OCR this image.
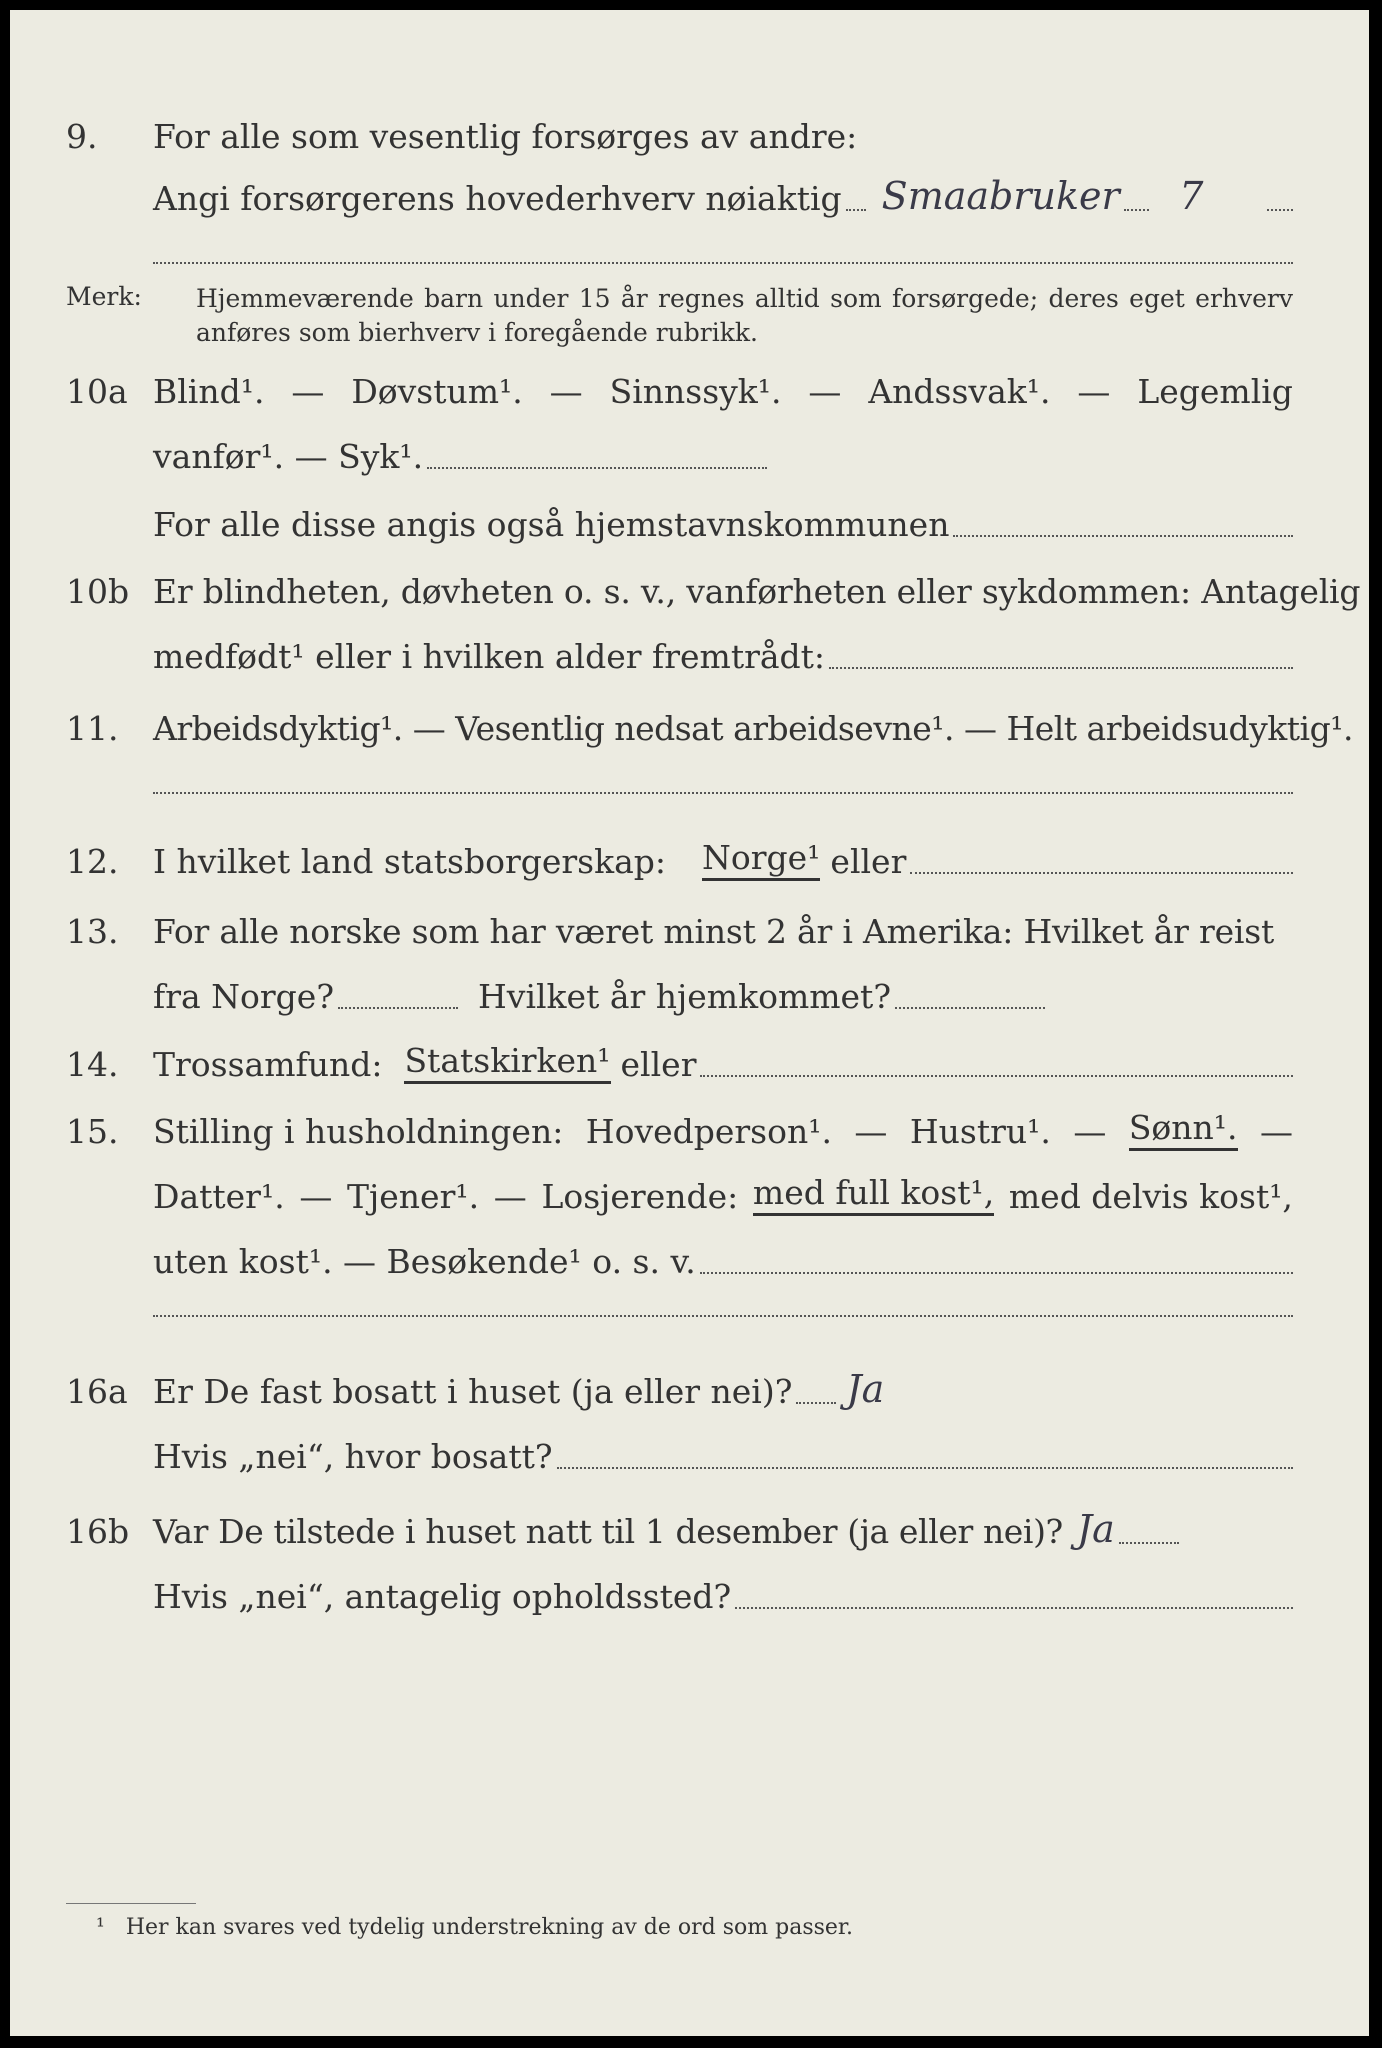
9. For alle som vesentlig forsørges av andre:
Angi forsørgerens hovederhverv nøiaktig Smaabruker 7
Merk: Hjemmeværende barn under 15 år regnes alltid som forsørgede; deres eget erhverv anføres som bierhverv i foregående rubrikk.
10a Blind¹. — Døvstum¹. — Sinnssyk¹. — Andssvak¹. — Legemlig
vanfør¹. — Syk¹.
For alle disse angis også hjemstavnskommunen
10b Er blindheten, døvheten o. s. v., vanførheten eller sykdommen: Antagelig
medfødt¹ eller i hvilken alder fremtrådt:
11. Arbeidsdyktig¹. — Vesentlig nedsat arbeidsevne¹. — Helt arbeidsudyktig¹.
12. I hvilket land statsborgerskap: Norge¹ eller
13. For alle norske som har været minst 2 år i Amerika: Hvilket år reist
fra Norge?	Hvilket år hjemkommet?
14. Trossamfund: Statskirken¹ eller
15. Stilling i husholdningen: Hovedperson¹. — Hustru¹. — Sønn¹. —
Datter¹. — Tjener¹. — Losjerende: med full kost¹, med delvis kost¹,
uten kost¹. — Besøkende¹ o. s. v.
16a Er De fast bosatt i huset (ja eller nei)? Ja
Hvis „nei“, hvor bosatt?
16b Var De tilstede i huset natt til 1 desember (ja eller nei)? Ja
Hvis „nei“, antagelig opholdssted?
¹ Her kan svares ved tydelig understrekning av de ord som passer.
